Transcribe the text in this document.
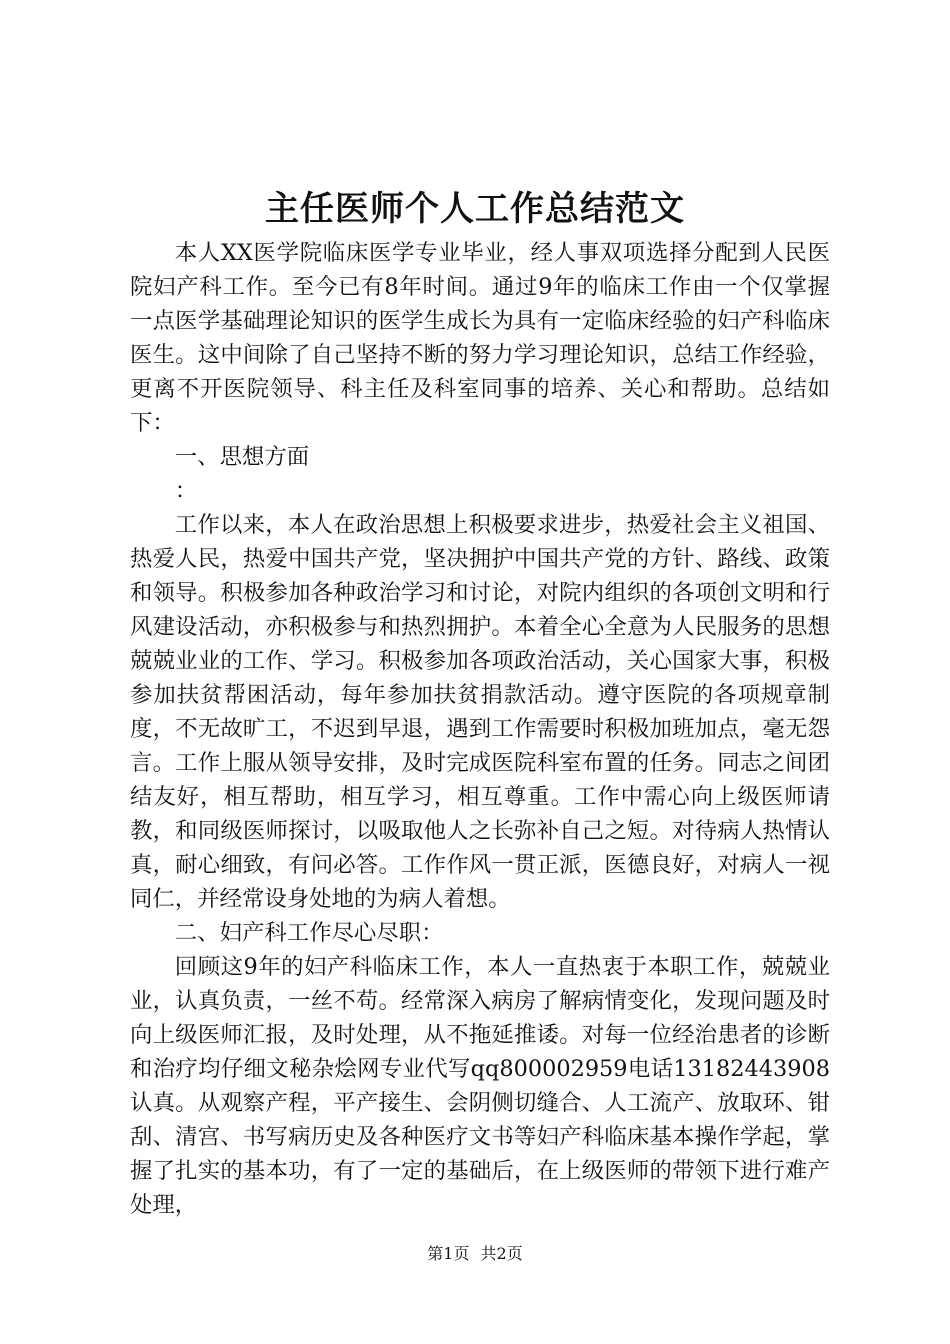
主任医师个人工作总结范文

本人XX医学院临床医学专业毕业，经人事双项选择分配到人民医院妇产科工作。至今已有8年时间。通过9年的临床工作由一个仅掌握一点医学基础理论知识的医学生成长为具有一定临床经验的妇产科临床医生。这中间除了自己坚持不断的努力学习理论知识，总结工作经验，更离不开医院领导、科主任及科室同事的培养、关心和帮助。总结如下：

一、思想方面

：

工作以来，本人在政治思想上积极要求进步，热爱社会主义祖国、热爱人民，热爱中国共产党，坚决拥护中国共产党的方针、路线、政策和领导。积极参加各种政治学习和讨论，对院内组织的各项创文明和行风建设活动，亦积极参与和热烈拥护。本着全心全意为人民服务的思想兢兢业业的工作、学习。积极参加各项政治活动，关心国家大事，积极参加扶贫帮困活动，每年参加扶贫捐款活动。遵守医院的各项规章制度，不无故旷工，不迟到早退，遇到工作需要时积极加班加点，毫无怨言。工作上服从领导安排，及时完成医院科室布置的任务。同志之间团结友好，相互帮助，相互学习，相互尊重。工作中需心向上级医师请教，和同级医师探讨，以吸取他人之长弥补自己之短。对待病人热情认真，耐心细致，有问必答。工作作风一贯正派，医德良好，对病人一视同仁，并经常设身处地的为病人着想。

二、妇产科工作尽心尽职：

回顾这9年的妇产科临床工作，本人一直热衷于本职工作，兢兢业业，认真负责，一丝不苟。经常深入病房了解病情变化，发现问题及时向上级医师汇报，及时处理，从不拖延推诿。对每一位经治患者的诊断和治疗均仔细文秘杂烩网专业代写qq800002959电话13182443908认真。从观察产程，平产接生、会阴侧切缝合、人工流产、放取环、钳刮、清宫、书写病历史及各种医疗文书等妇产科临床基本操作学起，掌握了扎实的基本功，有了一定的基础后，在上级医师的带领下进行难产处理，

第1页 共2页
